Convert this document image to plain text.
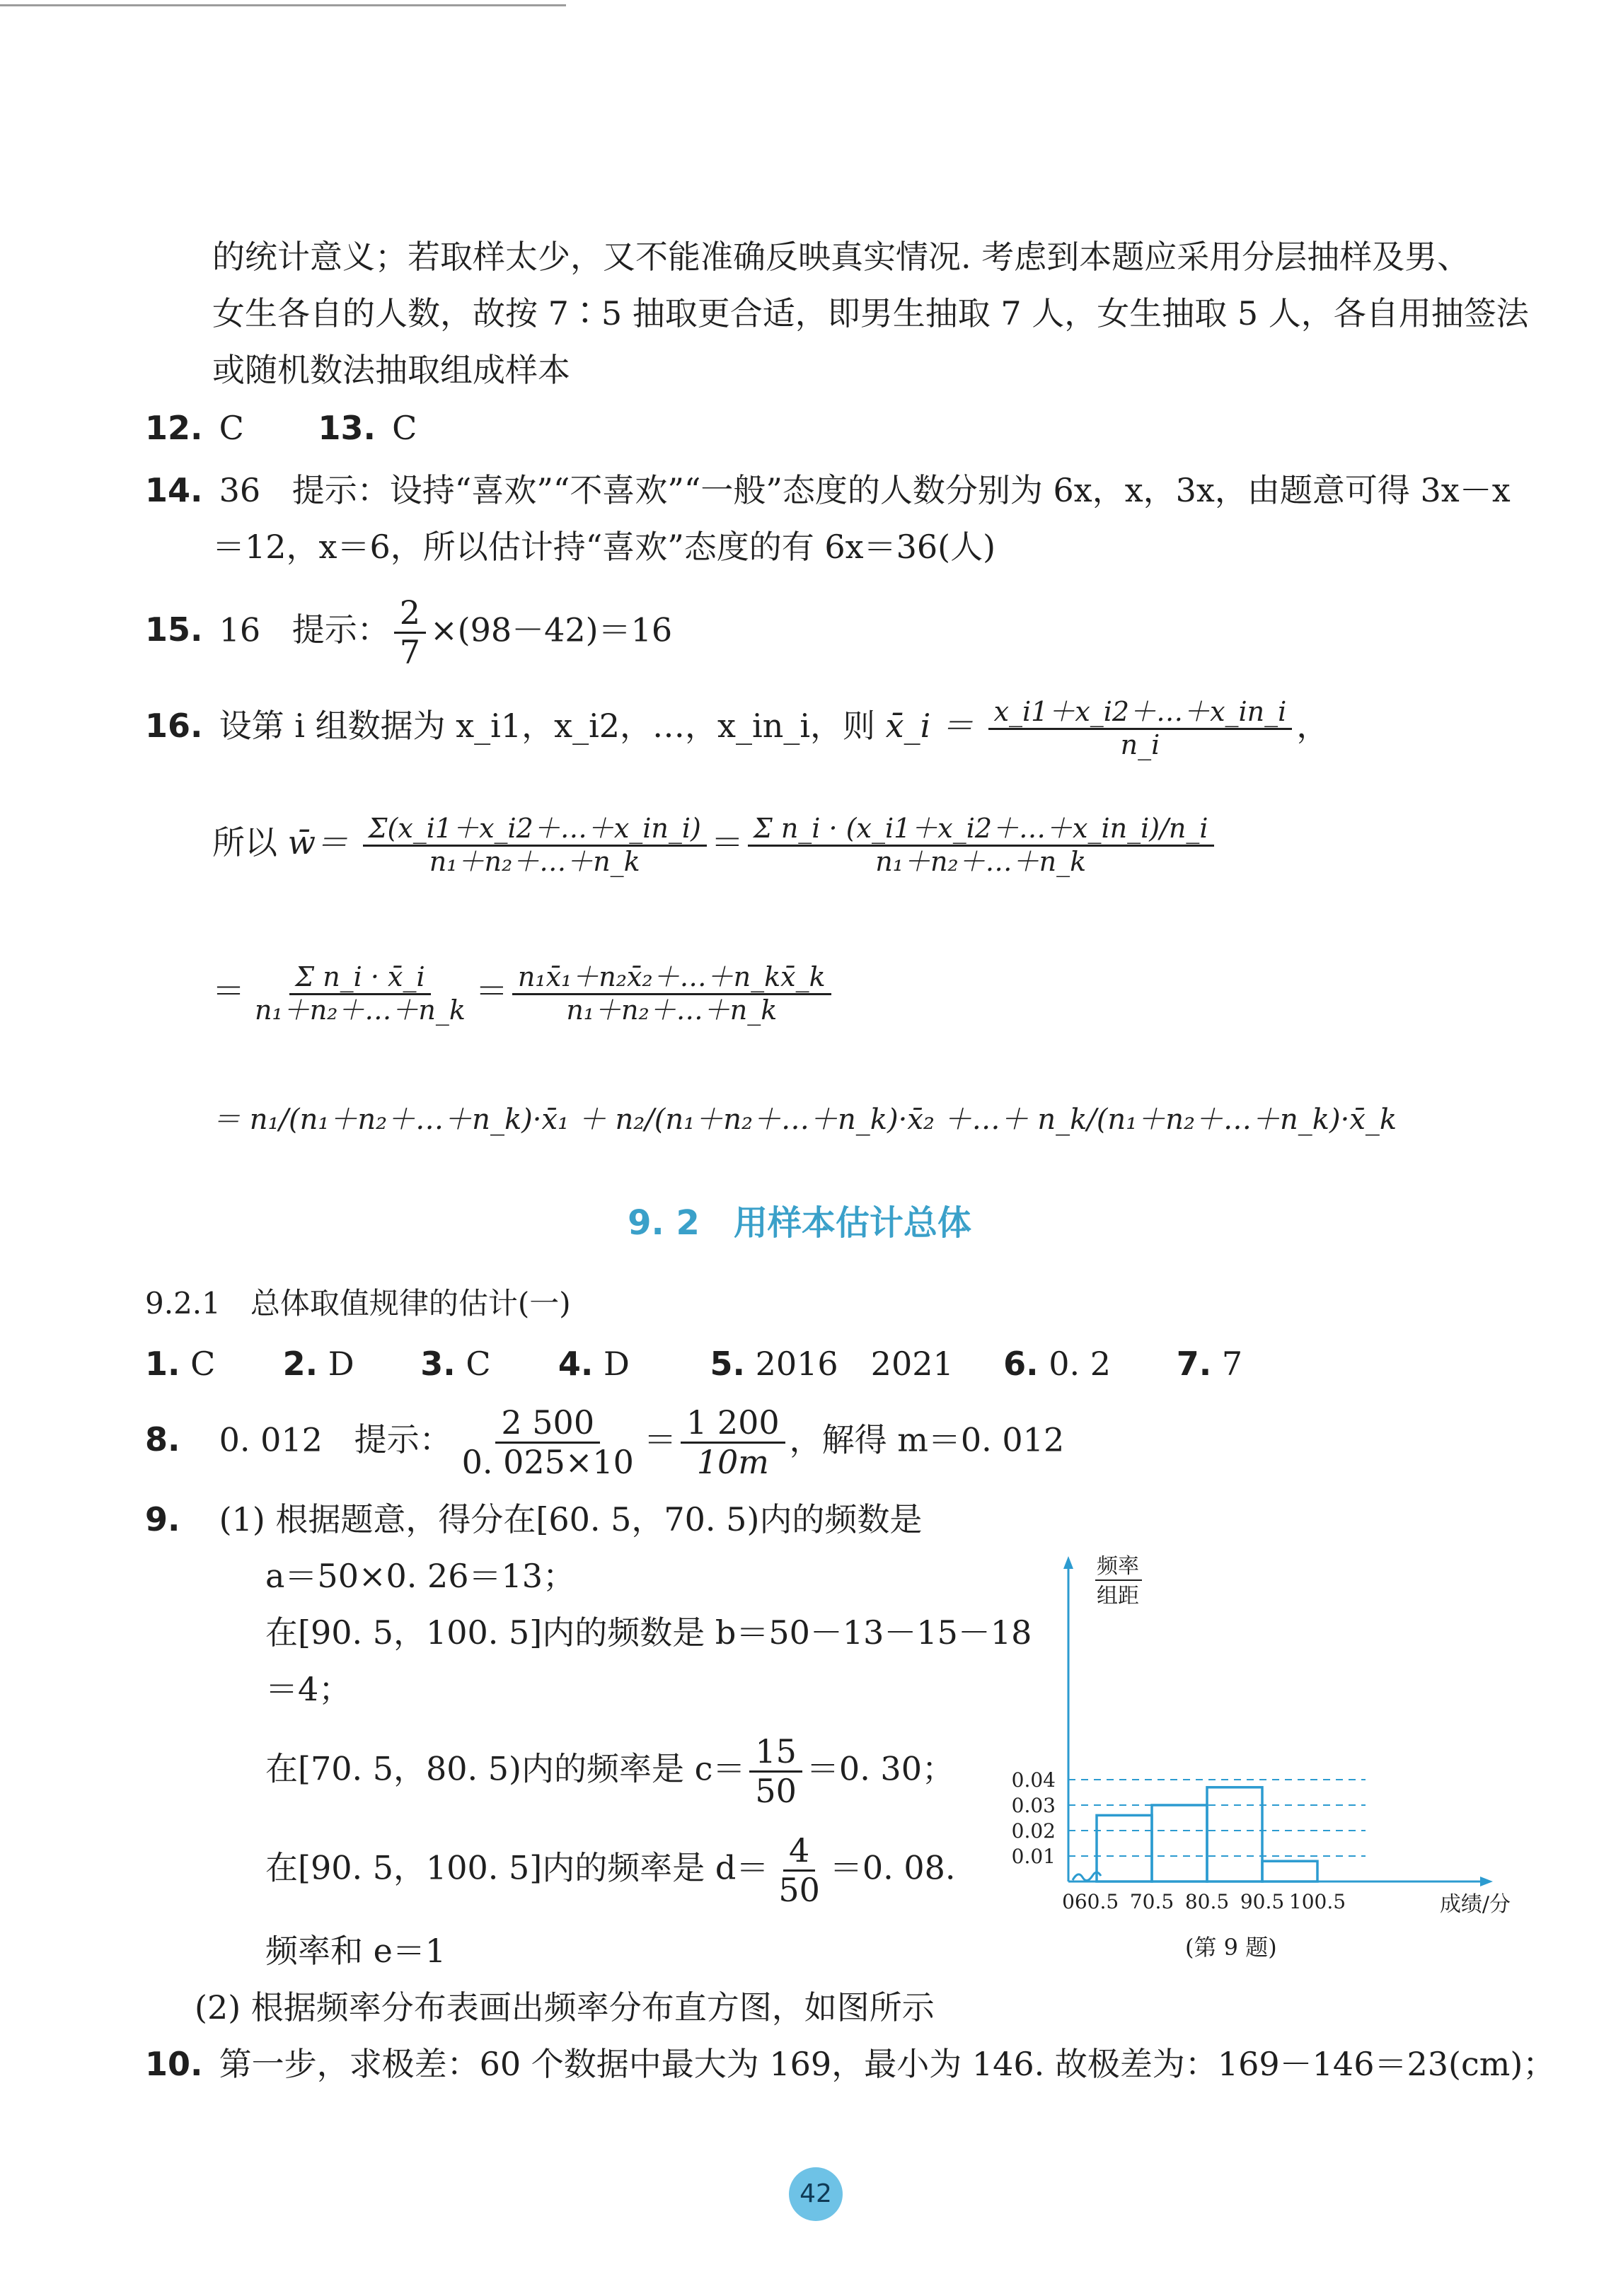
的统计意义；若取样太少，又不能准确反映真实情况. 考虑到本题应采用分层抽样及男、
女生各自的人数，故按 7∶5 抽取更合适，即男生抽取 7 人，女生抽取 5 人，各自用抽签法
或随机数法抽取组成样本
12. C 13. C
14. 36 提示：设持“喜欢”“不喜欢”“一般”态度的人数分别为 6x，x，3x，由题意可得 3x－x
＝12，x＝6，所以估计持“喜欢”态度的有 6x＝36(人)
15. 16 提示： $\frac{2}{7} \times(98-42)=16$
16. 设第 i 组数据为 x_i1，x_i2，…，x_in_i，则 x̄_i ＝ $\frac{x\_i1+x\_i2+\dots+x\_in\_i}{n\_i}$ ，
所以 w̄＝ $\frac{\Sigma(x\_i1+x\_i2+\dots+x\_in\_i)}{\text{n₁＋n₂＋…＋n\_k}} = \frac{\text{Σ n\_i · (x\_i1＋x\_i2＋…＋x\_in\_i)/n\_i}}{\text{n₁＋n₂＋…＋n\_k}}$
＝ $\frac{\text{Σ n\_i · x̄\_i}}{\text{n₁＋n₂＋…＋n\_k}} = \frac{\text{n₁x̄₁＋n₂x̄₂＋…＋n\_kx̄\_k}}{\text{n₁＋n₂＋…＋n\_k}}$
＝ n₁/(n₁＋n₂＋…＋n_k)·x̄₁ ＋ n₂/(n₁＋n₂＋…＋n_k)·x̄₂ ＋…＋ n_k/(n₁＋n₂＋…＋n_k)·x̄_k
9. 2　用样本估计总体
9.2.1　总体取值规律的估计(一)
1. C 2. D 3. C 4. D 5. 2016　2021 6. 0. 2 7. 7
8. 0. 012 提示： $\frac{2 500}{0. 025\times 10} = \frac{1 200}{10m}$ ，解得 m＝0. 012
9. (1) 根据题意，得分在[60. 5，70. 5)内的频数是
a＝50×0. 26＝13；
在[90. 5，100. 5]内的频数是 b＝50－13－15－18
＝4；
在[70. 5，80. 5)内的频率是 $c= \frac{15}{50} =0$. 30；
在[90. 5，100. 5]内的频率是 $d= \frac{4}{50} =0$. 08.
频率和 e＝1
(2) 根据频率分布表画出频率分布直方图，如图所示
0.01
0.02
0.03
0.04
60.5 70.5 80.5 90.5 100.5
0	成绩/分
频率
组距
(第 9 题)
10. 第一步，求极差：60 个数据中最大为 169，最小为 146. 故极差为：169－146＝23(cm)；
42
